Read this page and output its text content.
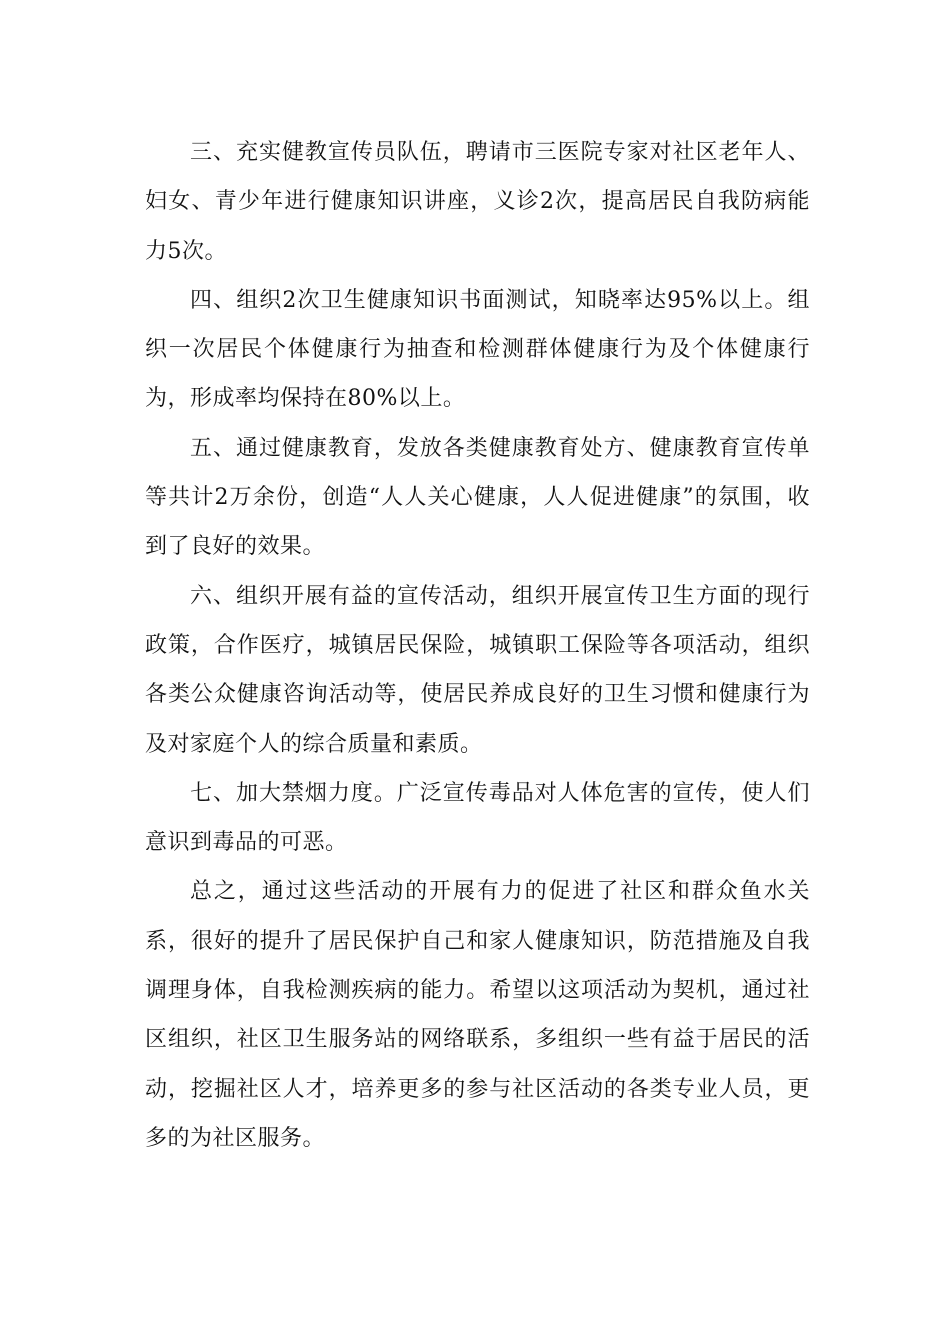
三、充实健教宣传员队伍，聘请市三医院专家对社区老年人、妇女、青少年进行健康知识讲座，义诊2次，提高居民自我防病能力5次。

四、组织2次卫生健康知识书面测试，知晓率达95%以上。组织一次居民个体健康行为抽查和检测群体健康行为及个体健康行为，形成率均保持在80%以上。

五、通过健康教育，发放各类健康教育处方、健康教育宣传单等共计2万余份，创造“人人关心健康，人人促进健康”的氛围，收到了良好的效果。

六、组织开展有益的宣传活动，组织开展宣传卫生方面的现行政策，合作医疗，城镇居民保险，城镇职工保险等各项活动，组织各类公众健康咨询活动等，使居民养成良好的卫生习惯和健康行为及对家庭个人的综合质量和素质。

七、加大禁烟力度。广泛宣传毒品对人体危害的宣传，使人们意识到毒品的可恶。

总之，通过这些活动的开展有力的促进了社区和群众鱼水关系，很好的提升了居民保护自己和家人健康知识，防范措施及自我调理身体，自我检测疾病的能力。希望以这项活动为契机，通过社区组织，社区卫生服务站的网络联系，多组织一些有益于居民的活动，挖掘社区人才，培养更多的参与社区活动的各类专业人员，更多的为社区服务。
